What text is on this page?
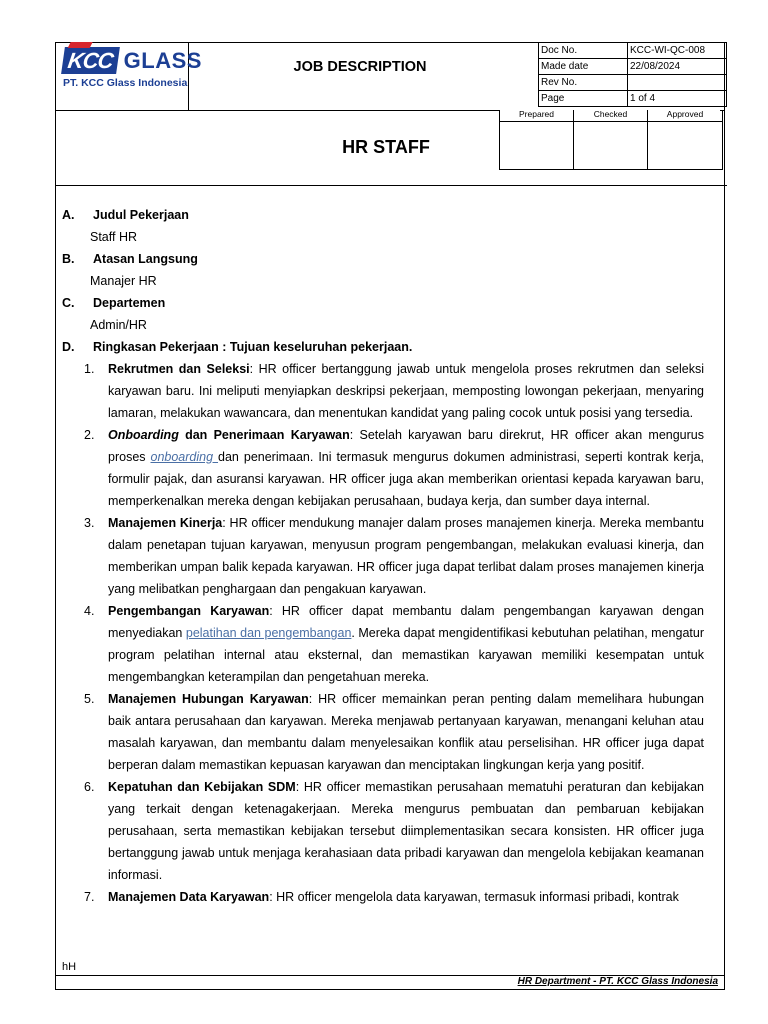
KCC GLASS
PT. KCC Glass Indonesia
JOB DESCRIPTION
Doc No.	KCC-WI-QC-008
Made date	22/08/2024
Rev No.	
Page	1 of 4
Prepared	Checked	Approved

HR STAFF
A.	Judul Pekerjaan
Staff HR
B.	Atasan Langsung
Manajer HR
C.	Departemen
Admin/HR
D.	Ringkasan Pekerjaan : Tujuan keseluruhan pekerjaan.
1. Rekrutmen dan Seleksi: HR officer bertanggung jawab untuk mengelola proses rekrutmen dan seleksi karyawan baru. Ini meliputi menyiapkan deskripsi pekerjaan, memposting lowongan pekerjaan, menyaring lamaran, melakukan wawancara, dan menentukan kandidat yang paling cocok untuk posisi yang tersedia.
2. Onboarding dan Penerimaan Karyawan: Setelah karyawan baru direkrut, HR officer akan mengurus proses onboarding dan penerimaan. Ini termasuk mengurus dokumen administrasi, seperti kontrak kerja, formulir pajak, dan asuransi karyawan. HR officer juga akan memberikan orientasi kepada karyawan baru, memperkenalkan mereka dengan kebijakan perusahaan, budaya kerja, dan sumber daya internal.
3. Manajemen Kinerja: HR officer mendukung manajer dalam proses manajemen kinerja. Mereka membantu dalam penetapan tujuan karyawan, menyusun program pengembangan, melakukan evaluasi kinerja, dan memberikan umpan balik kepada karyawan. HR officer juga dapat terlibat dalam proses manajemen kinerja yang melibatkan penghargaan dan pengakuan karyawan.
4. Pengembangan Karyawan: HR officer dapat membantu dalam pengembangan karyawan dengan menyediakan pelatihan dan pengembangan. Mereka dapat mengidentifikasi kebutuhan pelatihan, mengatur program pelatihan internal atau eksternal, dan memastikan karyawan memiliki kesempatan untuk mengembangkan keterampilan dan pengetahuan mereka.
5. Manajemen Hubungan Karyawan: HR officer memainkan peran penting dalam memelihara hubungan baik antara perusahaan dan karyawan. Mereka menjawab pertanyaan karyawan, menangani keluhan atau masalah karyawan, dan membantu dalam menyelesaikan konflik atau perselisihan. HR officer juga dapat berperan dalam memastikan kepuasan karyawan dan menciptakan lingkungan kerja yang positif.
6. Kepatuhan dan Kebijakan SDM: HR officer memastikan perusahaan mematuhi peraturan dan kebijakan yang terkait dengan ketenagakerjaan. Mereka mengurus pembuatan dan pembaruan kebijakan perusahaan, serta memastikan kebijakan tersebut diimplementasikan secara konsisten. HR officer juga bertanggung jawab untuk menjaga kerahasiaan data pribadi karyawan dan mengelola kebijakan keamanan informasi.
7. Manajemen Data Karyawan: HR officer mengelola data karyawan, termasuk informasi pribadi, kontrak
hH
HR Department - PT. KCC Glass Indonesia
